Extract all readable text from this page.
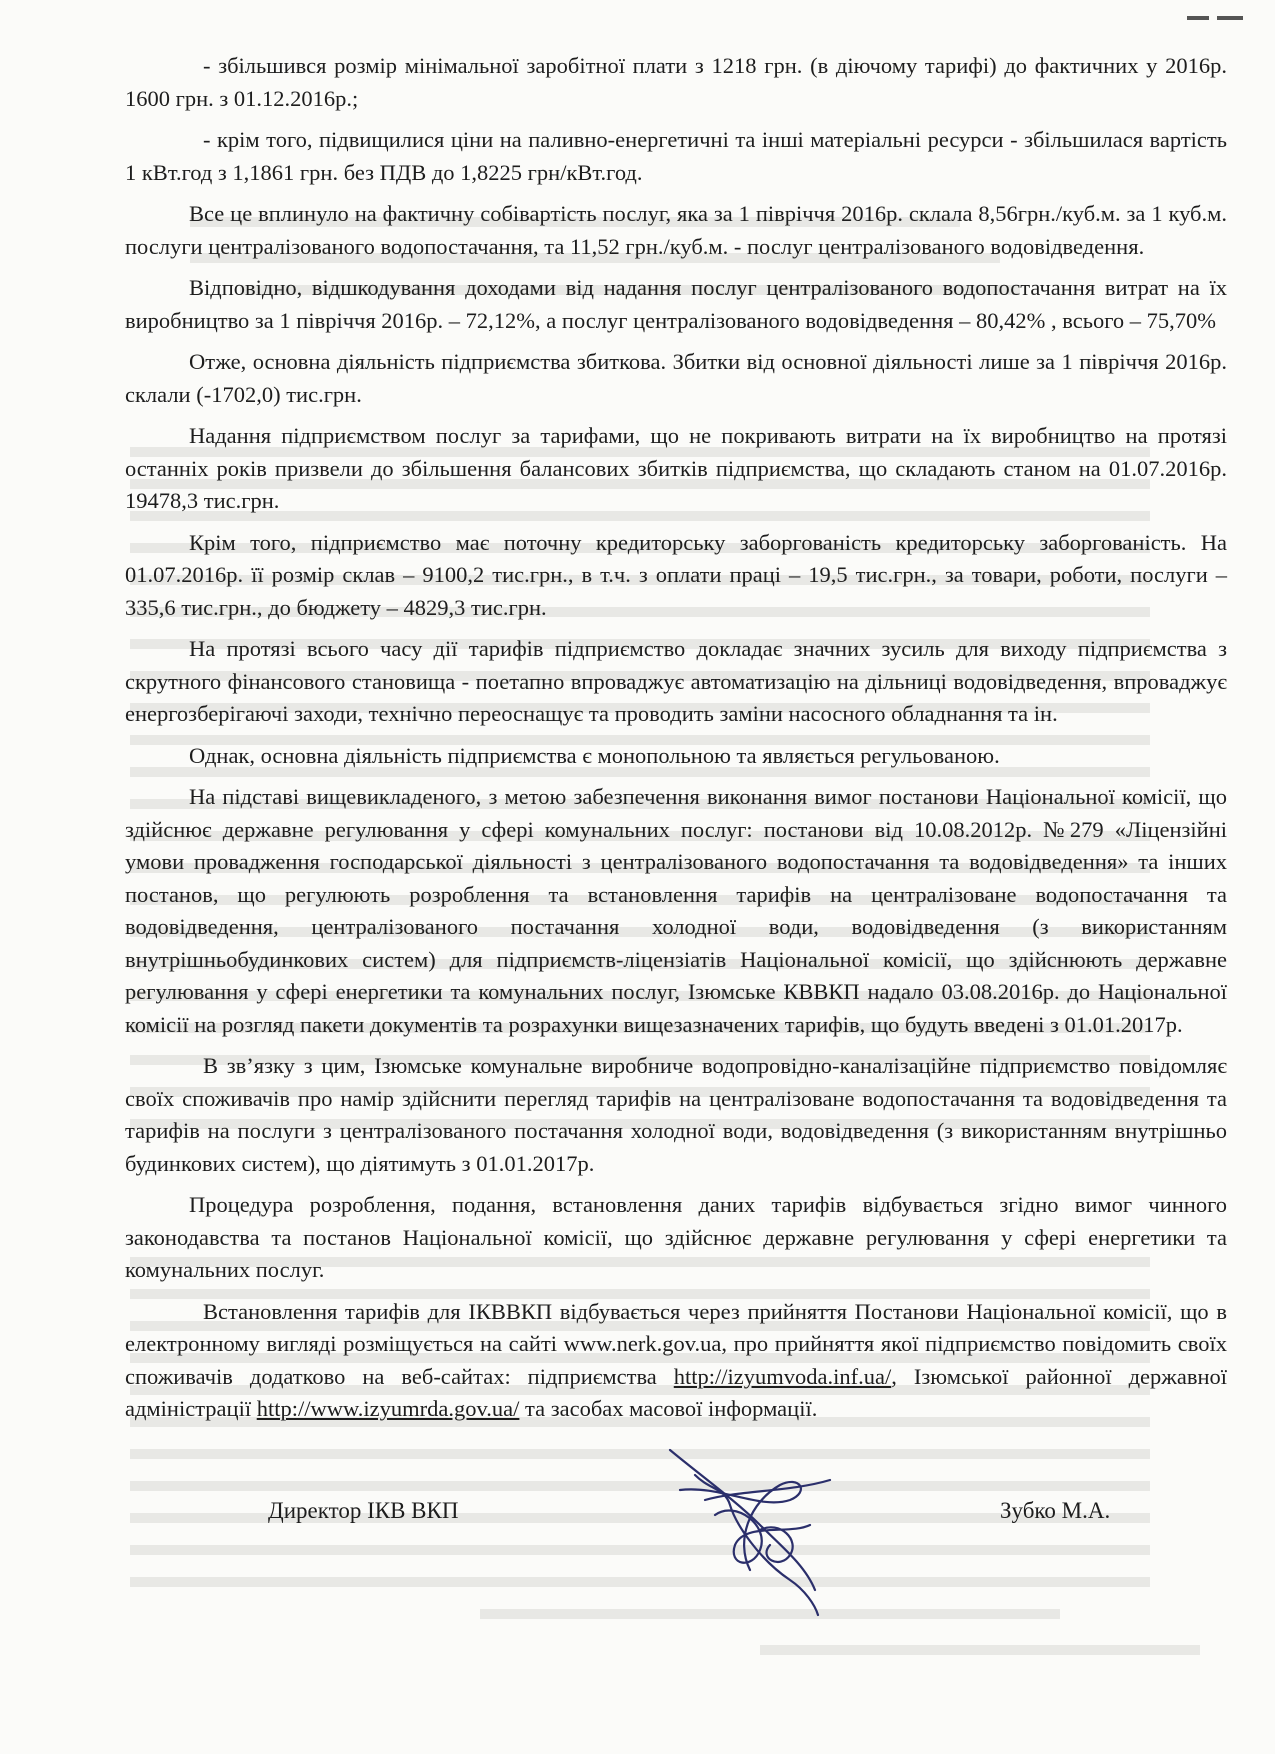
- збільшився розмір мінімальної заробітної плати з 1218 грн. (в діючому тарифі) до фактичних у 2016р. 1600 грн. з 01.12.2016р.;

- крім того, підвищилися ціни на паливно-енергетичні та інші матеріальні ресурси - збільшилася вартість 1 кВт.год з 1,1861 грн. без ПДВ до 1,8225 грн/кВт.год.

Все це вплинуло на фактичну собівартість послуг, яка за 1 півріччя 2016р. склала 8,56грн./куб.м. за 1 куб.м. послуги централізованого водопостачання, та 11,52 грн./куб.м. - послуг централізованого водовідведення.

Відповідно, відшкодування доходами від надання послуг централізованого водопостачання витрат на їх виробництво за 1 півріччя 2016р. – 72,12%, а послуг централізованого водовідведення – 80,42% , всього – 75,70%

Отже, основна діяльність підприємства збиткова. Збитки від основної діяльності лише за 1 півріччя 2016р. склали (-1702,0) тис.грн.

Надання підприємством послуг за тарифами, що не покривають витрати на їх виробництво на протязі останніх років призвели до збільшення балансових збитків підприємства, що складають станом на 01.07.2016р. 19478,3 тис.грн.

Крім того, підприємство має поточну кредиторську заборгованість кредиторську заборгованість. На 01.07.2016р. її розмір склав – 9100,2 тис.грн., в т.ч. з оплати праці – 19,5 тис.грн., за товари, роботи, послуги – 335,6 тис.грн., до бюджету – 4829,3 тис.грн.

На протязі всього часу дії тарифів підприємство докладає значних зусиль для виходу підприємства з скрутного фінансового становища - поетапно впроваджує автоматизацію на дільниці водовідведення, впроваджує енергозберігаючі заходи, технічно переоснащує та проводить заміни насосного обладнання та ін.

Однак, основна діяльність підприємства є монопольною та являється регульованою.

На підставі вищевикладеного, з метою забезпечення виконання вимог постанови Національної комісії, що здійснює державне регулювання у сфері комунальних послуг: постанови від 10.08.2012р. №279 «Ліцензійні умови провадження господарської діяльності з централізованого водопостачання та водовідведення» та інших постанов, що регулюють розроблення та встановлення тарифів на централізоване водопостачання та водовідведення, централізованого постачання холодної води, водовідведення (з використанням внутрішньобудинкових систем) для підприємств-ліцензіатів Національної комісії, що здійснюють державне регулювання у сфері енергетики та комунальних послуг, Ізюмське КВВКП надало 03.08.2016р. до Національної комісії на розгляд пакети документів та розрахунки вищезазначених тарифів, що будуть введені з 01.01.2017р.

В зв’язку з цим, Ізюмське комунальне виробниче водопровідно-каналізаційне підприємство повідомляє своїх споживачів про намір здійснити перегляд тарифів на централізоване водопостачання та водовідведення та тарифів на послуги з централізованого постачання холодної води, водовідведення (з використанням внутрішньо будинкових систем), що діятимуть з 01.01.2017р.

Процедура розроблення, подання, встановлення даних тарифів відбувається згідно вимог чинного законодавства та постанов Національної комісії, що здійснює державне регулювання у сфері енергетики та комунальних послуг.

Встановлення тарифів для ІКВВКП відбувається через прийняття Постанови Національної комісії, що в електронному вигляді розміщується на сайті www.nerk.gov.ua, про прийняття якої підприємство повідомить своїх споживачів додатково на веб-сайтах: підприємства http://izyumvoda.inf.ua/, Ізюмської районної державної адміністрації http://www.izyumrda.gov.ua/ та засобах масової інформації.

Директор ІКВ ВКП	Зубко М.А.
